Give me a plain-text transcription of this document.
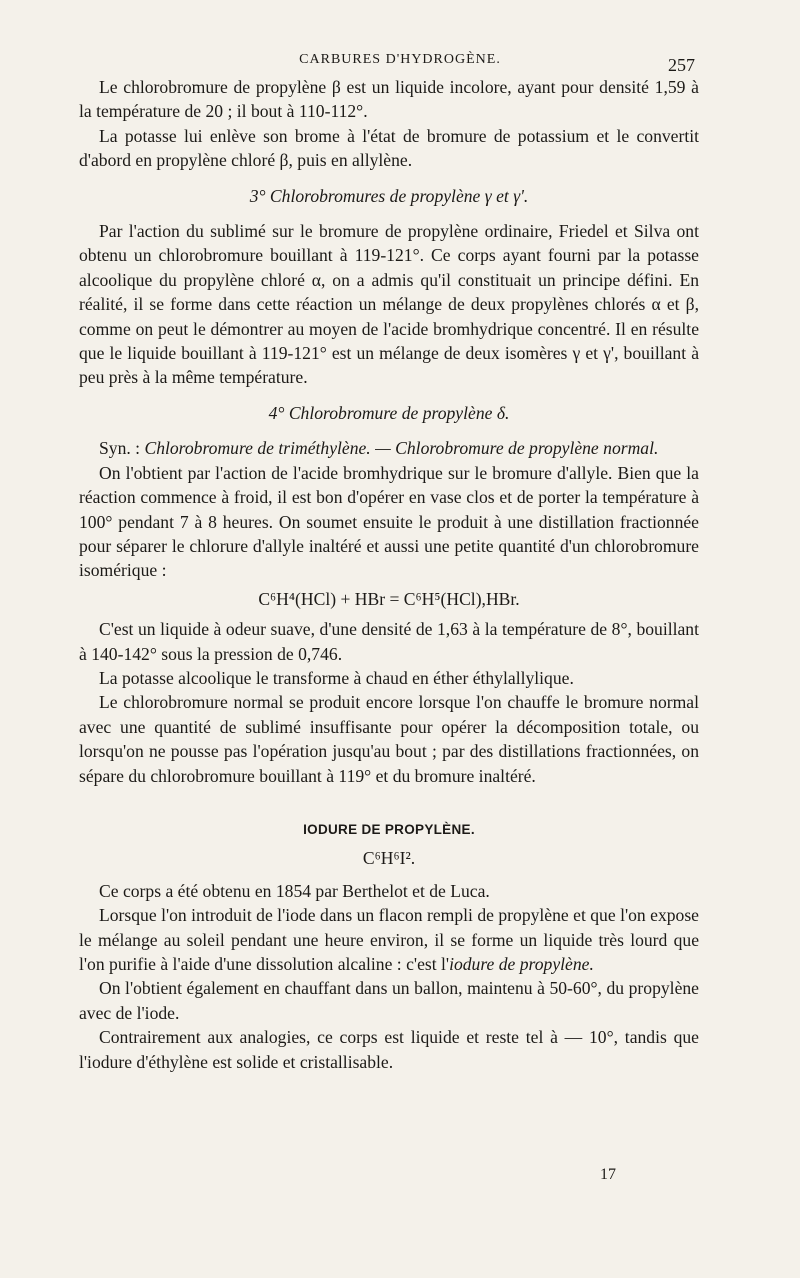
CARBURES D'HYDROGÈNE.	257

Le chlorobromure de propylène β est un liquide incolore, ayant pour densité 1,59 à la température de 20 ; il bout à 110-112°.

La potasse lui enlève son brome à l'état de bromure de potassium et le convertit d'abord en propylène chloré β, puis en allylène.

3° Chlorobromures de propylène γ et γ'.

Par l'action du sublimé sur le bromure de propylène ordinaire, Friedel et Silva ont obtenu un chlorobromure bouillant à 119-121°. Ce corps ayant fourni par la potasse alcoolique du propylène chloré α, on a admis qu'il constituait un principe défini. En réalité, il se forme dans cette réaction un mélange de deux propylènes chlorés α et β, comme on peut le démontrer au moyen de l'acide bromhydrique concentré. Il en résulte que le liquide bouillant à 119-121° est un mélange de deux isomères γ et γ', bouillant à peu près à la même température.

4° Chlorobromure de propylène δ.

Syn. : Chlorobromure de triméthylène. — Chlorobromure de propylène normal.

On l'obtient par l'action de l'acide bromhydrique sur le bromure d'allyle. Bien que la réaction commence à froid, il est bon d'opérer en vase clos et de porter la température à 100° pendant 7 à 8 heures. On soumet ensuite le produit à une distillation fractionnée pour séparer le chlorure d'allyle inaltéré et aussi une petite quantité d'un chlorobromure isomérique :

C⁶H⁴(HCl) + HBr = C⁶H⁵(HCl),HBr.

C'est un liquide à odeur suave, d'une densité de 1,63 à la température de 8°, bouillant à 140-142° sous la pression de 0,746.

La potasse alcoolique le transforme à chaud en éther éthylallylique.

Le chlorobromure normal se produit encore lorsque l'on chauffe le bromure normal avec une quantité de sublimé insuffisante pour opérer la décomposition totale, ou lorsqu'on ne pousse pas l'opération jusqu'au bout ; par des distillations fractionnées, on sépare du chlorobromure bouillant à 119° et du bromure inaltéré.

IODURE DE PROPYLÈNE.
C⁶H⁶I².

Ce corps a été obtenu en 1854 par Berthelot et de Luca.

Lorsque l'on introduit de l'iode dans un flacon rempli de propylène et que l'on expose le mélange au soleil pendant une heure environ, il se forme un liquide très lourd que l'on purifie à l'aide d'une dissolution alcaline : c'est l'iodure de propylène.

On l'obtient également en chauffant dans un ballon, maintenu à 50-60°, du propylène avec de l'iode.

Contrairement aux analogies, ce corps est liquide et reste tel à — 10°, tandis que l'iodure d'éthylène est solide et cristallisable.

17
